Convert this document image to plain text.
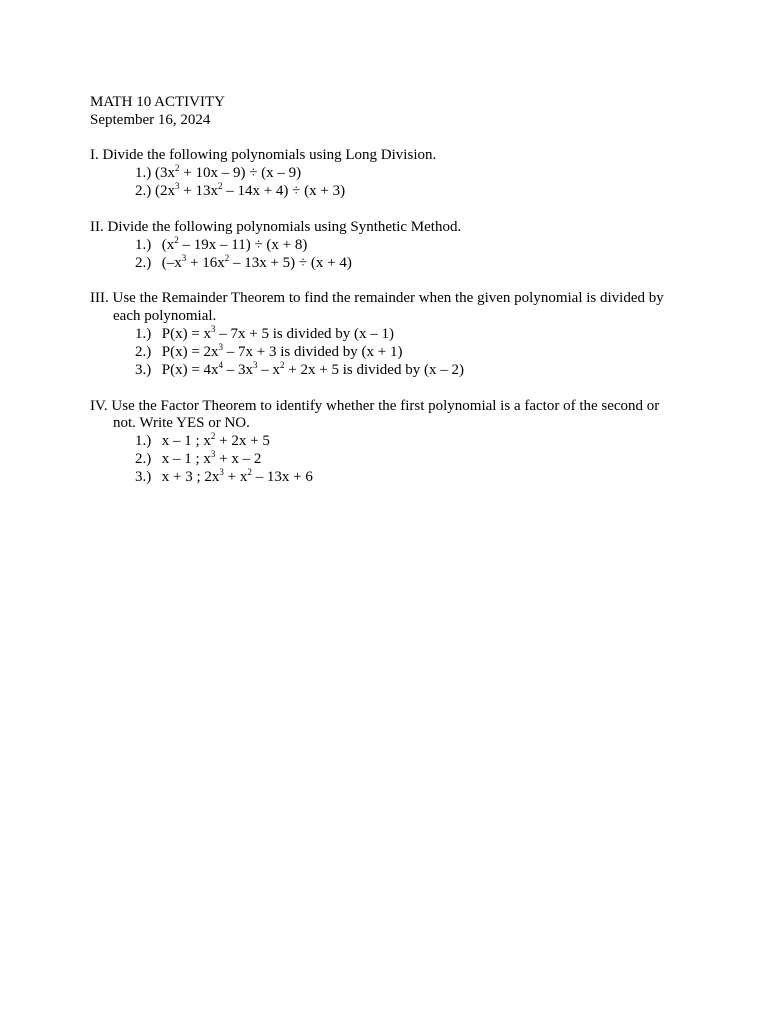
MATH 10 ACTIVITY
September 16, 2024
I. Divide the following polynomials using Long Division.
1.) $(3x^2 + 10x - 9) \div (x - 9)$
2.) $(2x^3 + 13x^2 - 14x + 4) \div (x + 3)$
II. Divide the following polynomials using Synthetic Method.
1.) $(x^2 - 19x - 11) \div (x + 8)$
2.) $(-x^3 + 16x^2 - 13x + 5) \div (x + 4)$
III. Use the Remainder Theorem to find the remainder when the given polynomial is divided by
each polynomial.
1.) $P(x) = x^3 - 7x + 5$ is divided by (x – 1)
2.) $P(x) = 2x^3 - 7x + 3$ is divided by (x + 1)
3.) $P(x) = 4x^4 - 3x^3 - x^2 + 2x + 5$ is divided by (x – 2)
IV. Use the Factor Theorem to identify whether the first polynomial is a factor of the second or
not. Write YES or NO.
1.) x – 1 ; $x^2 + 2x + 5$
2.) x – 1 ; $x^3 + x - 2$
3.) x + 3 ; $2x^3 + x^2 - 13x + 6$
